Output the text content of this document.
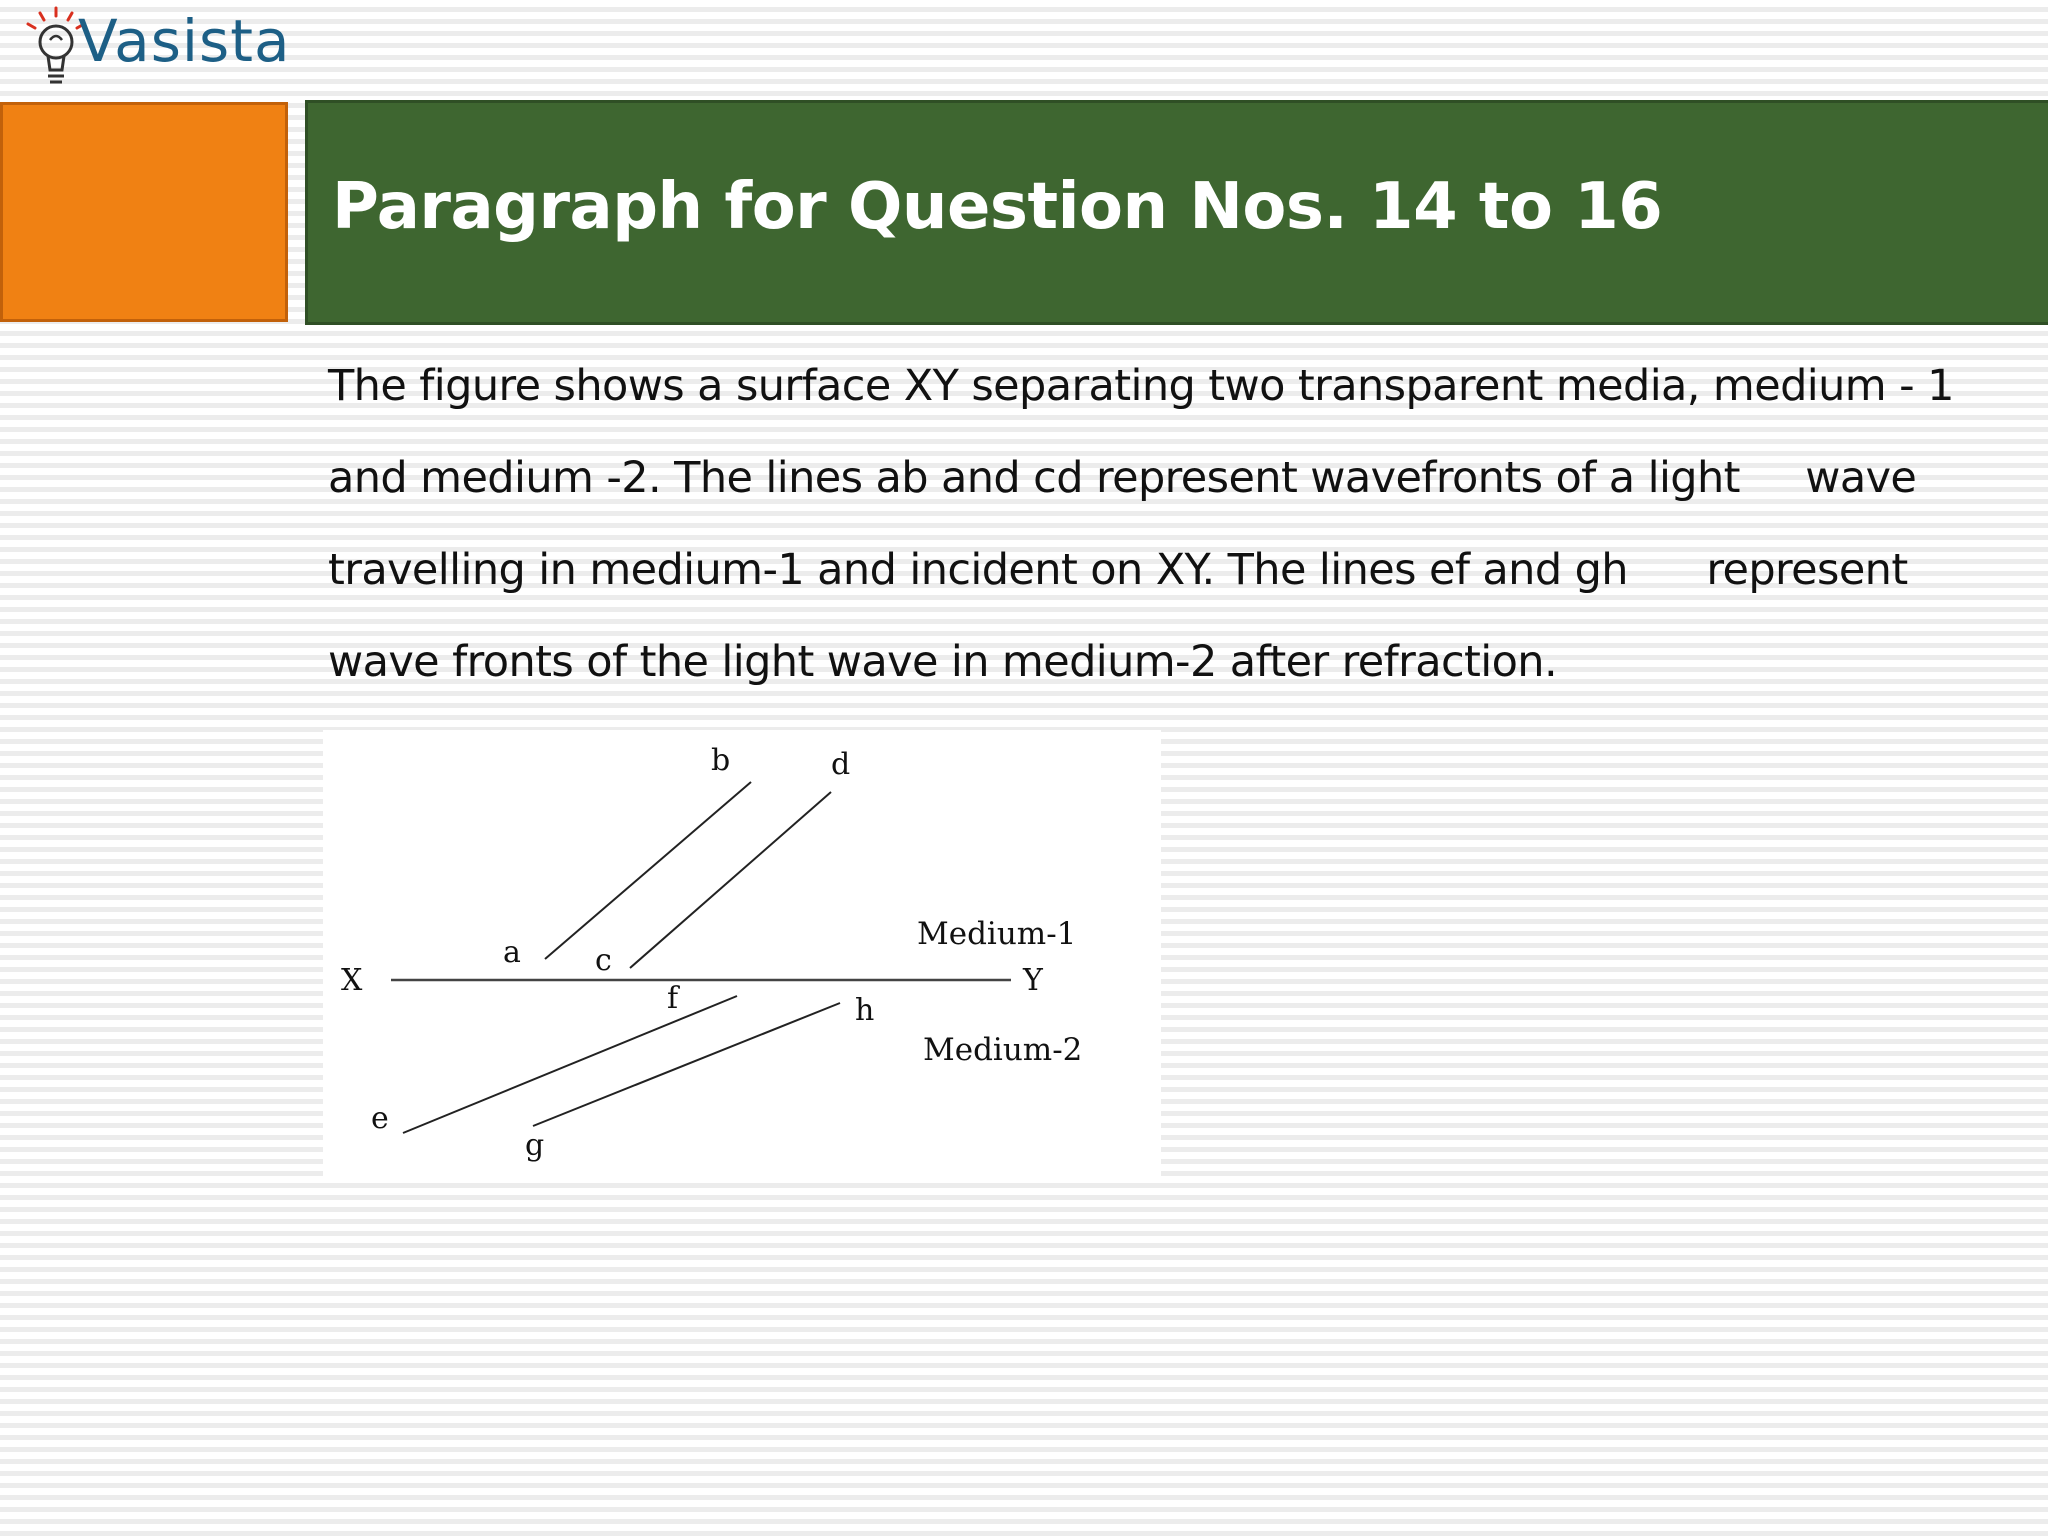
Vasista
Paragraph for Question Nos. 14 to 16
The figure shows a surface XY separating two transparent media, medium - 1
and medium -2. The lines ab and cd represent wavefronts of a light     wave
travelling in medium-1 and incident on XY. The lines ef and gh      represent
wave fronts of the light wave in medium-2 after refraction.
X	Y
a
b
c
d
e
f
g
h
Medium-1
Medium-2
